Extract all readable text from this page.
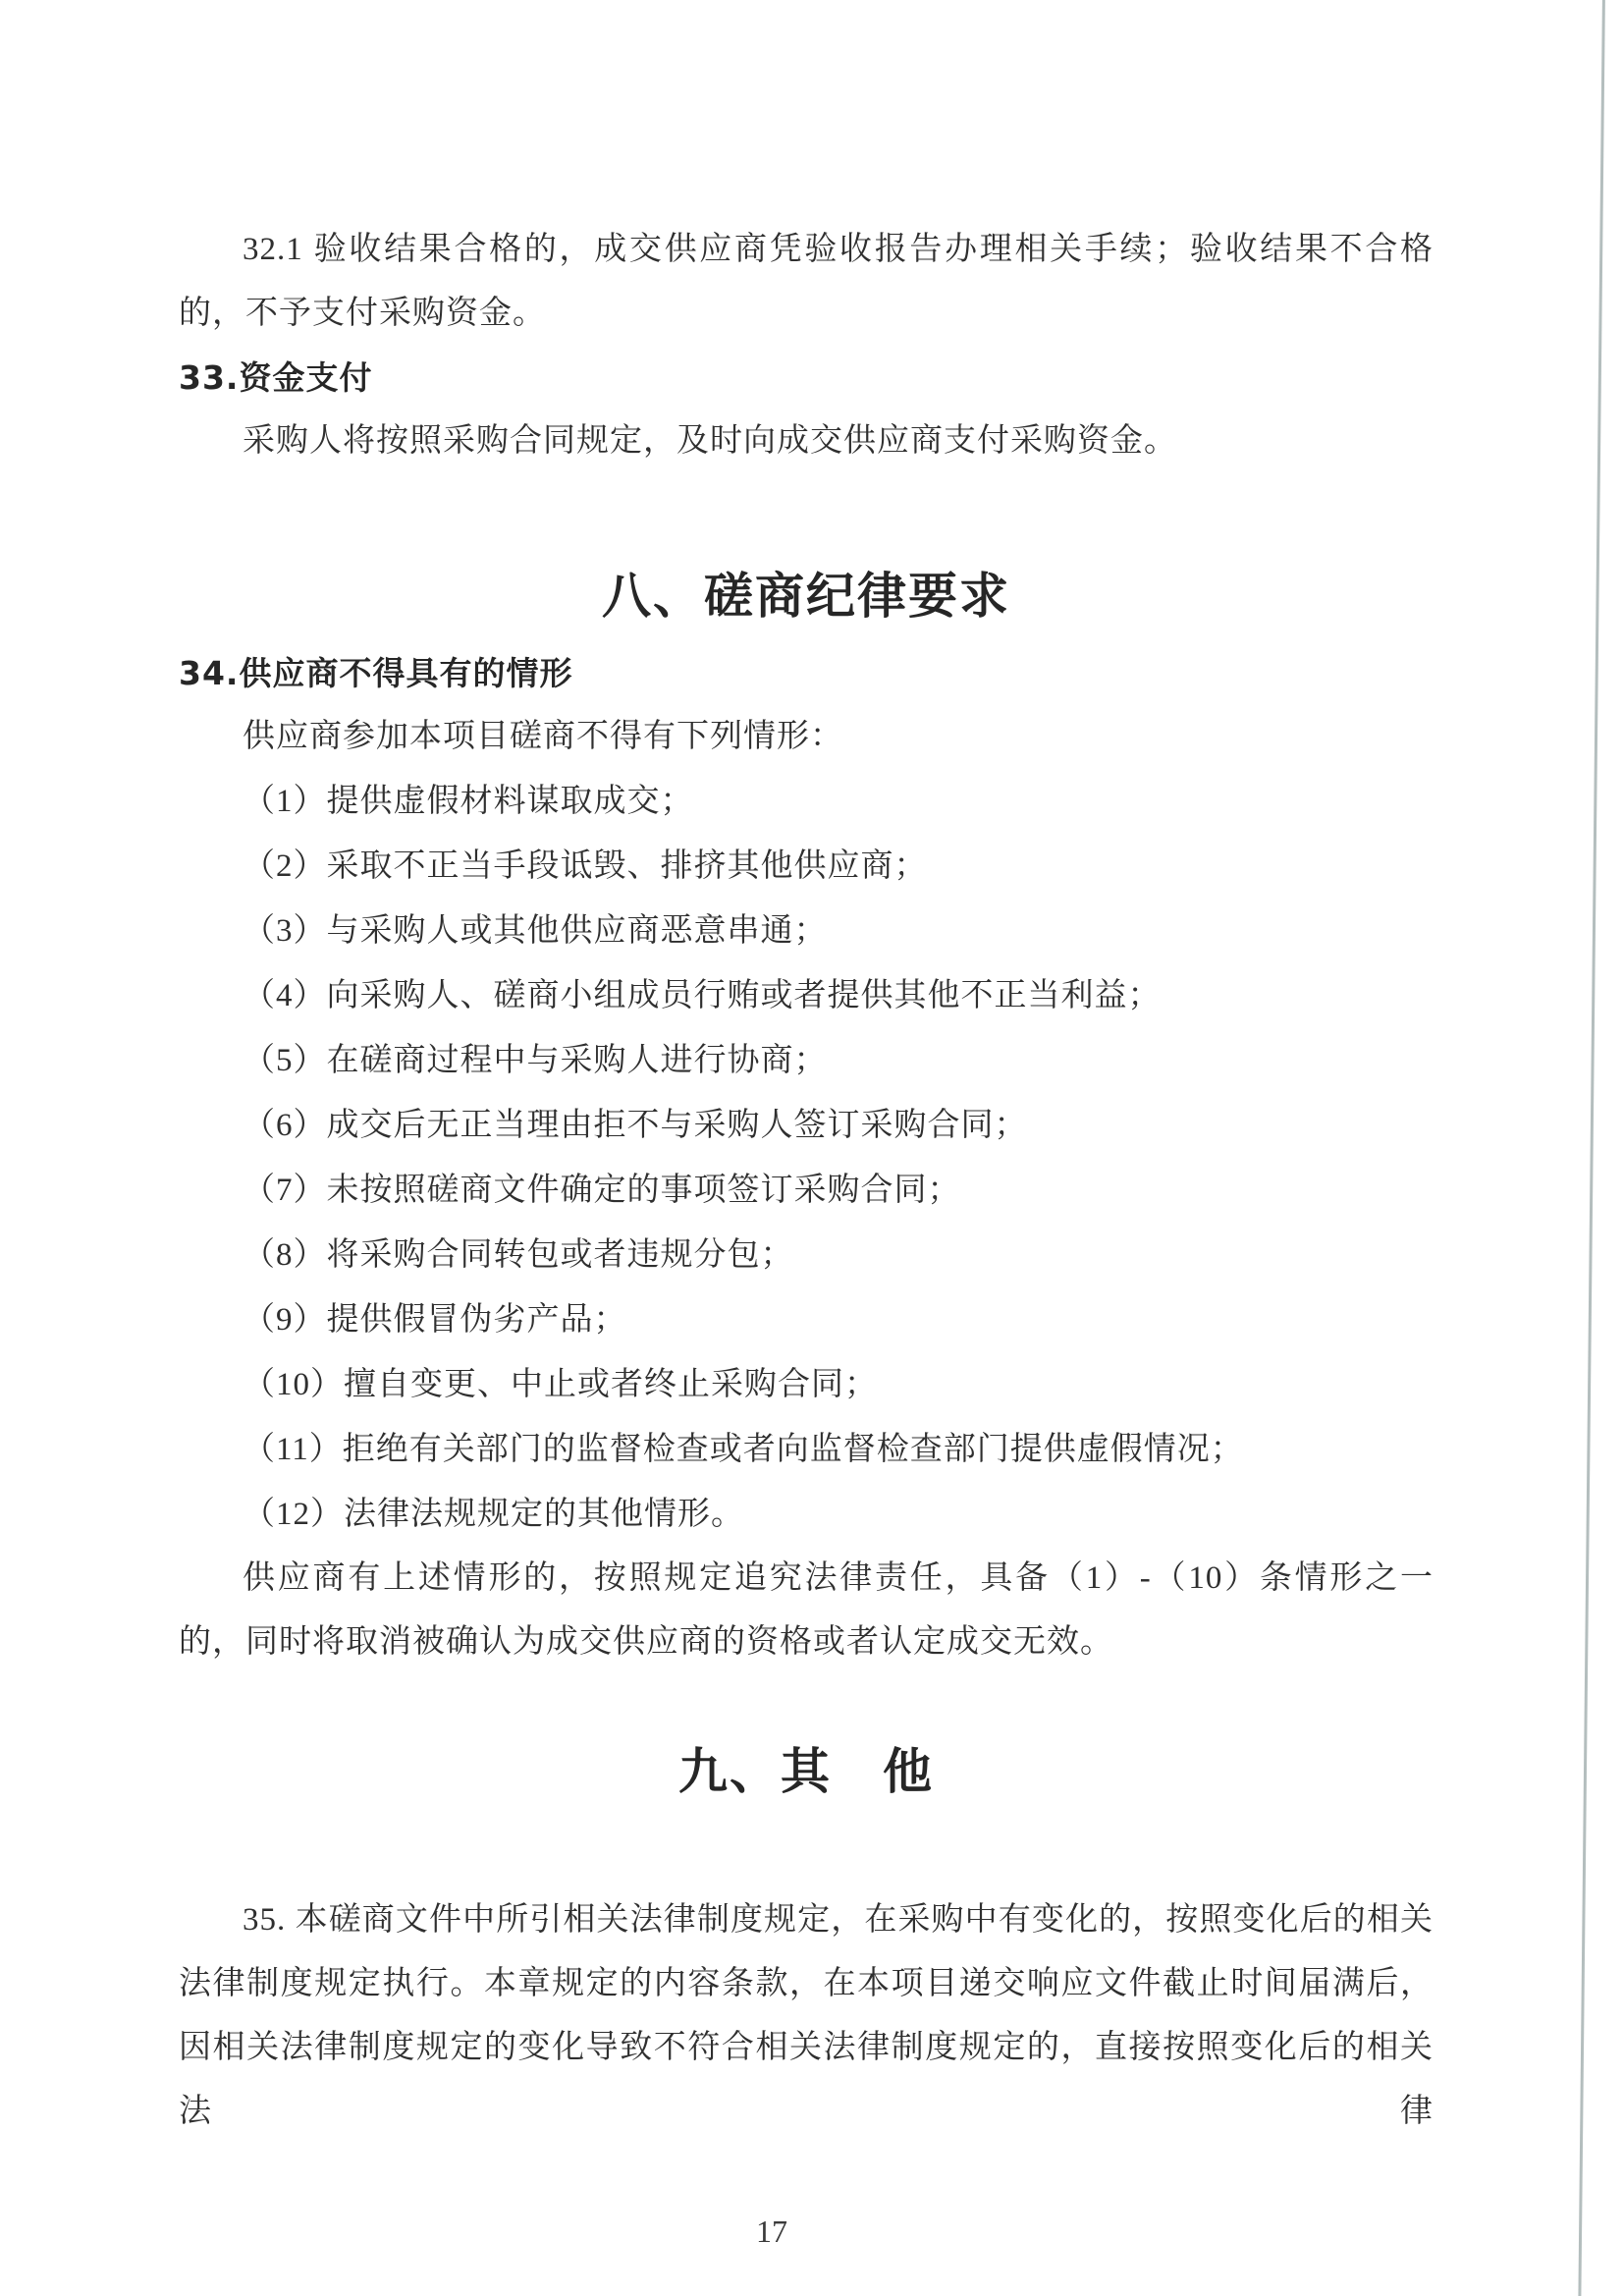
32.1 验收结果合格的，成交供应商凭验收报告办理相关手续；验收结果不合格的，不予支付采购资金。
33.资金支付
采购人将按照采购合同规定，及时向成交供应商支付采购资金。
八、磋商纪律要求
34.供应商不得具有的情形
供应商参加本项目磋商不得有下列情形：
（1）提供虚假材料谋取成交；
（2）采取不正当手段诋毁、排挤其他供应商；
（3）与采购人或其他供应商恶意串通；
（4）向采购人、磋商小组成员行贿或者提供其他不正当利益；
（5）在磋商过程中与采购人进行协商；
（6）成交后无正当理由拒不与采购人签订采购合同；
（7）未按照磋商文件确定的事项签订采购合同；
（8）将采购合同转包或者违规分包；
（9）提供假冒伪劣产品；
（10）擅自变更、中止或者终止采购合同；
（11）拒绝有关部门的监督检查或者向监督检查部门提供虚假情况；
（12）法律法规规定的其他情形。
供应商有上述情形的，按照规定追究法律责任，具备（1）-（10）条情形之一的，同时将取消被确认为成交供应商的资格或者认定成交无效。
九、其　他
35. 本磋商文件中所引相关法律制度规定，在采购中有变化的，按照变化后的相关法律制度规定执行。本章规定的内容条款，在本项目递交响应文件截止时间届满后，因相关法律制度规定的变化导致不符合相关法律制度规定的，直接按照变化后的相关法律
17
